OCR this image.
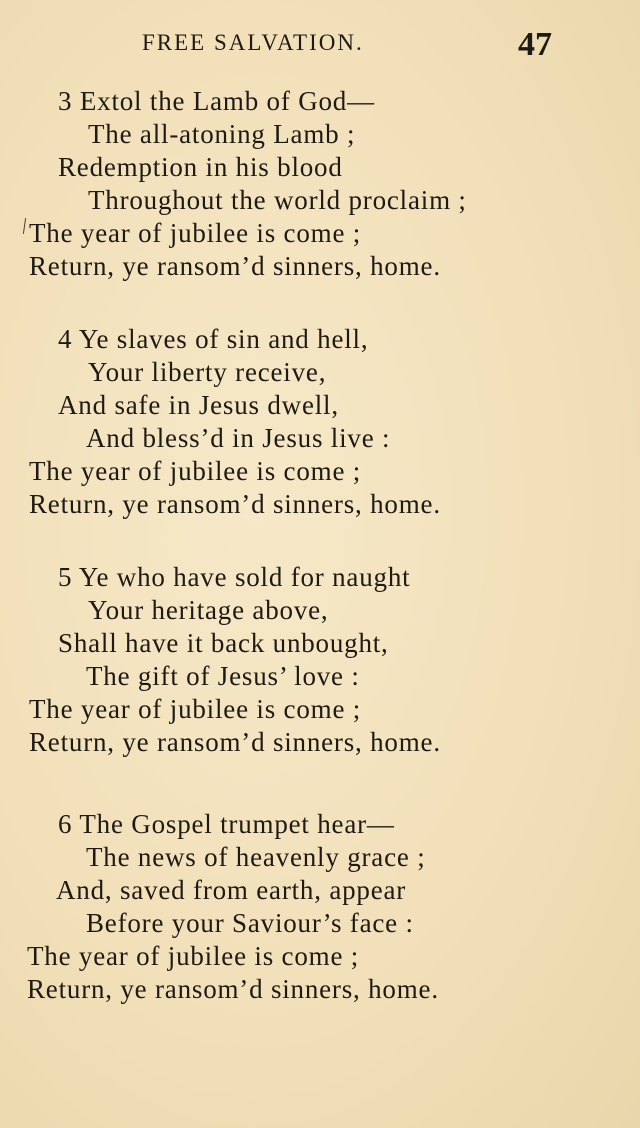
FREE SALVATION.	47
3 Extol the Lamb of God—
The all-atoning Lamb ;
Redemption in his blood
Throughout the world proclaim ;
The year of jubilee is come ;
Return, ye ransom’d sinners, home.
4 Ye slaves of sin and hell,
Your liberty receive,
And safe in Jesus dwell,
And bless’d in Jesus live :
The year of jubilee is come ;
Return, ye ransom’d sinners, home.
5 Ye who have sold for naught
Your heritage above,
Shall have it back unbought,
The gift of Jesus’ love :
The year of jubilee is come ;
Return, ye ransom’d sinners, home.
6 The Gospel trumpet hear—
The news of heavenly grace ;
And, saved from earth, appear
Before your Saviour’s face :
The year of jubilee is come ;
Return, ye ransom’d sinners, home.
